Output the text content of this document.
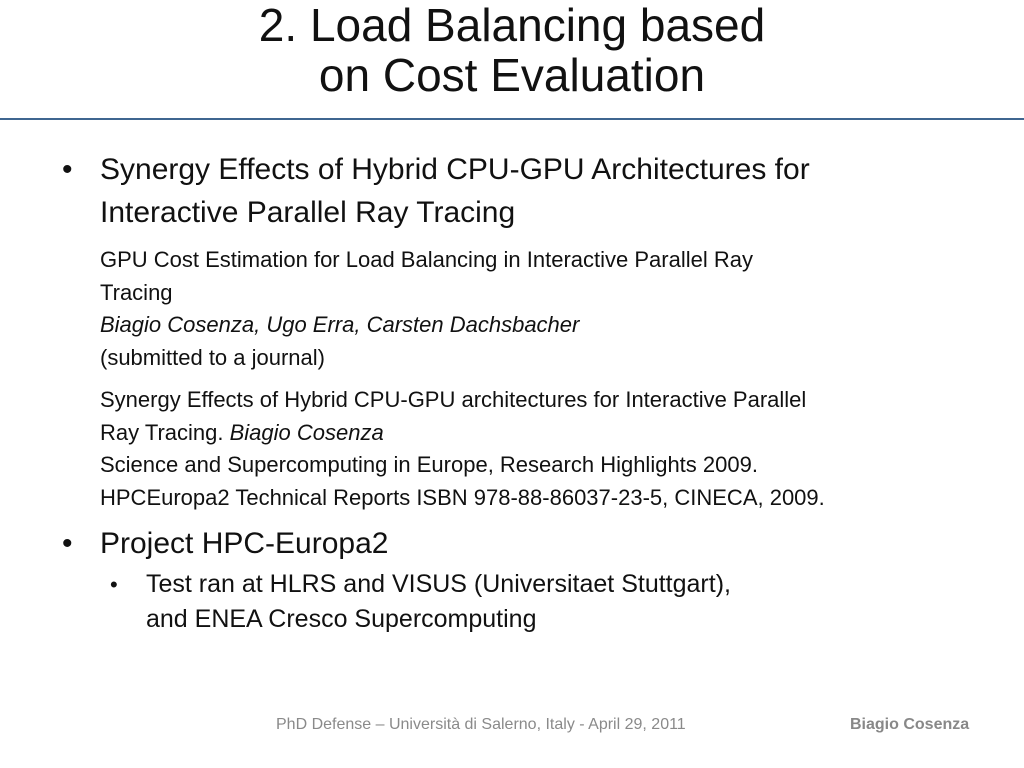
2. Load Balancing based
on Cost Evaluation
• Synergy Effects of Hybrid CPU-GPU Architectures for
Interactive Parallel Ray Tracing
GPU Cost Estimation for Load Balancing in Interactive Parallel Ray
Tracing
Biagio Cosenza, Ugo Erra, Carsten Dachsbacher
(submitted to a journal)
Synergy Effects of Hybrid CPU-GPU architectures for Interactive Parallel
Ray Tracing. Biagio Cosenza
Science and Supercomputing in Europe, Research Highlights 2009.
HPCEuropa2 Technical Reports ISBN 978-88-86037-23-5, CINECA, 2009.
• Project HPC-Europa2
• Test ran at HLRS and VISUS (Universitaet Stuttgart),
and ENEA Cresco Supercomputing
PhD Defense – Università di Salerno, Italy - April 29, 2011	Biagio Cosenza
